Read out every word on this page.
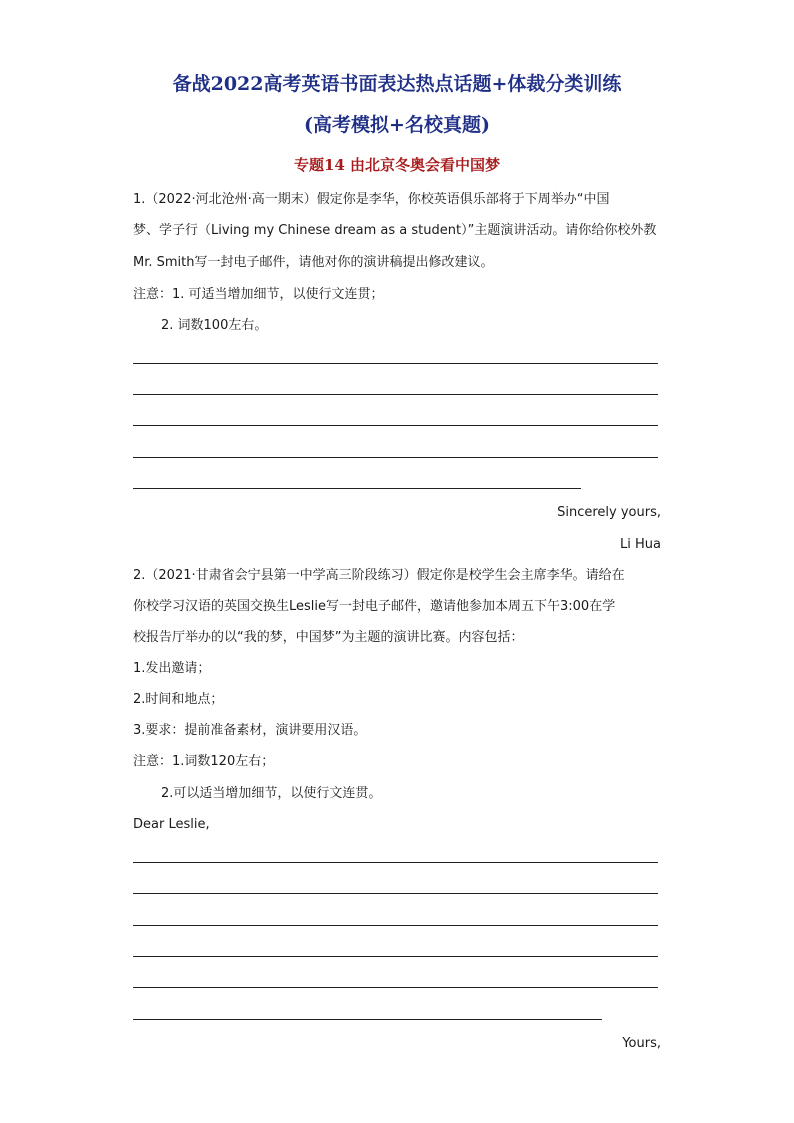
备战2022高考英语书面表达热点话题+体裁分类训练
(高考模拟+名校真题)
专题14 由北京冬奥会看中国梦
1.（2022·河北沧州·高一期末）假定你是李华，你校英语俱乐部将于下周举办“中国
梦、学子行（Living my Chinese dream as a student）”主题演讲活动。请你给你校外教
Mr. Smith写一封电子邮件，请他对你的演讲稿提出修改建议。
注意：1. 可适当增加细节，以使行文连贯；
2. 词数100左右。
Sincerely yours,
Li Hua
2.（2021·甘肃省会宁县第一中学高三阶段练习）假定你是校学生会主席李华。请给在
你校学习汉语的英国交换生Leslie写一封电子邮件，邀请他参加本周五下午3:00在学
校报告厅举办的以“我的梦，中国梦”为主题的演讲比赛。内容包括：
1.发出邀请；
2.时间和地点；
3.要求：提前准备素材，演讲要用汉语。
注意：1.词数120左右；
2.可以适当增加细节，以使行文连贯。
Dear Leslie,
Yours,
